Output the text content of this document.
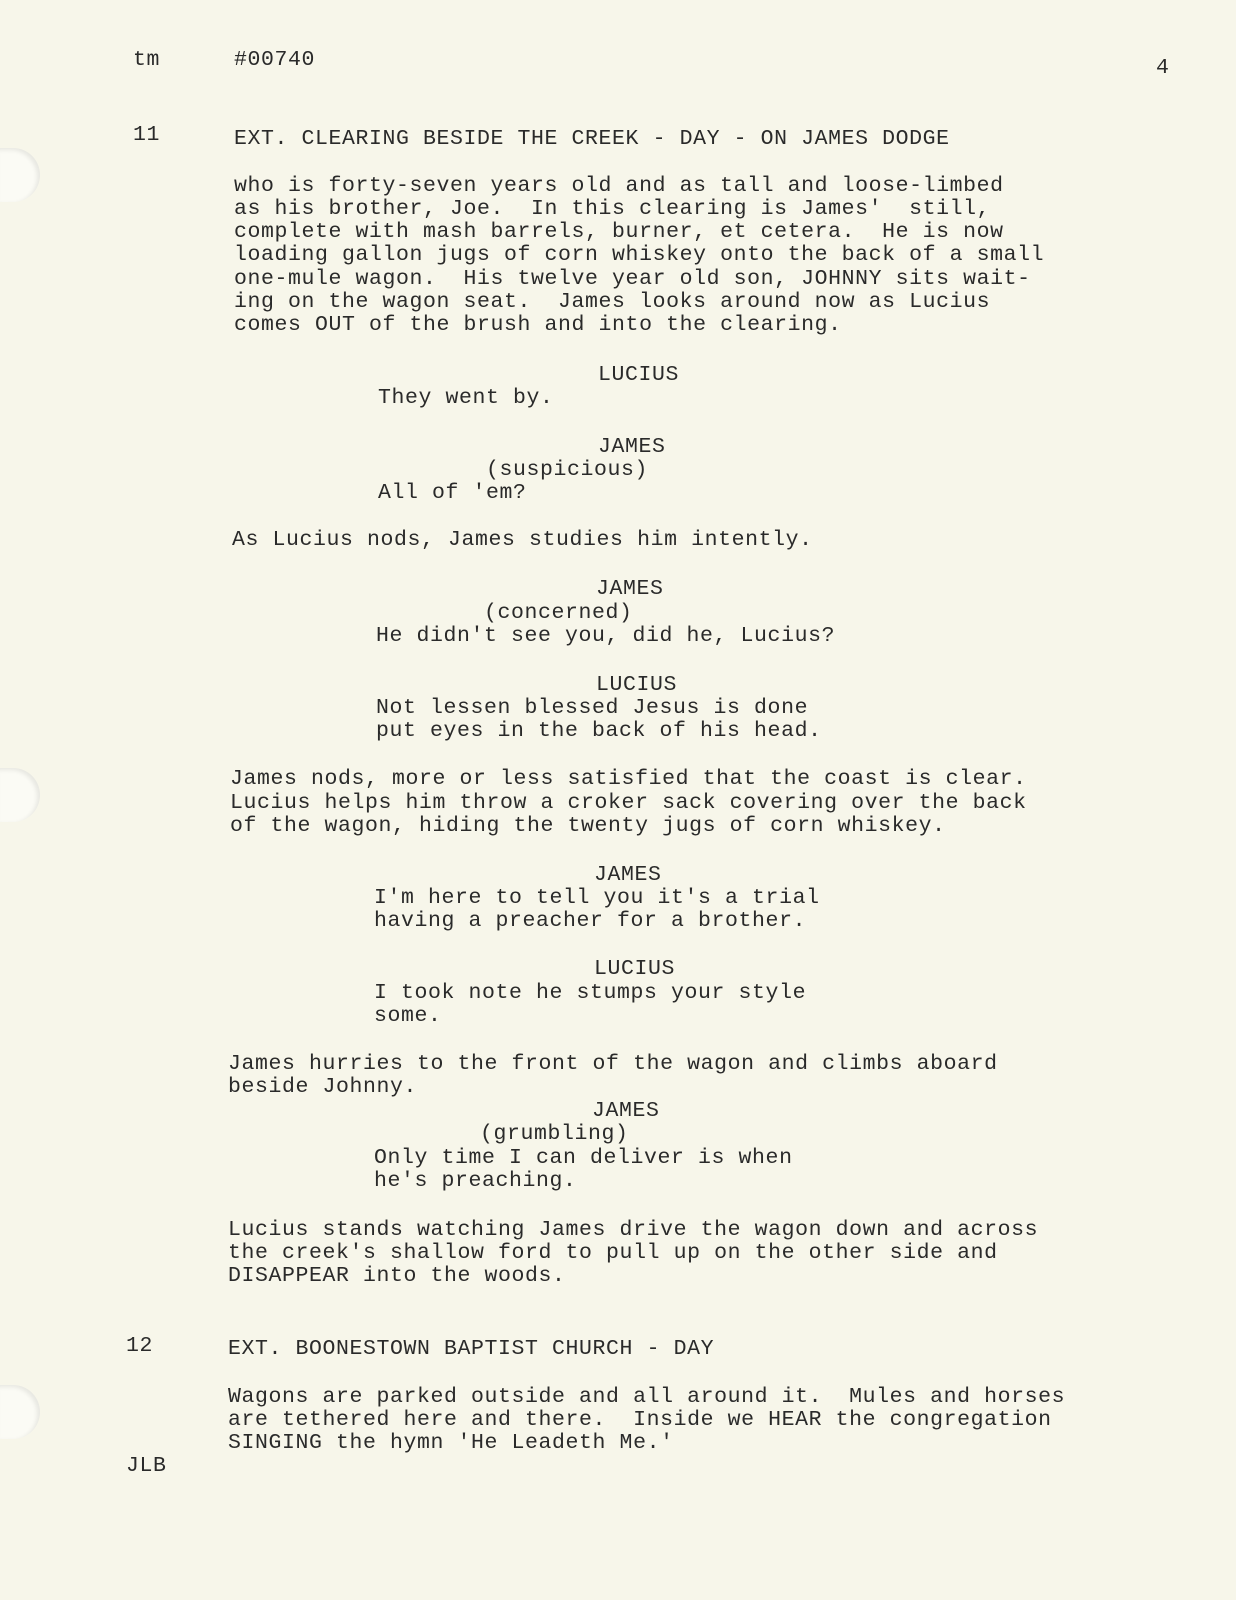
tm	#00740	4
11	EXT. CLEARING BESIDE THE CREEK - DAY - ON JAMES DODGE
who is forty-seven years old and as tall and loose-limbed
as his brother, Joe.  In this clearing is James'  still,
complete with mash barrels, burner, et cetera.  He is now
loading gallon jugs of corn whiskey onto the back of a small
one-mule wagon.  His twelve year old son, JOHNNY sits wait-
ing on the wagon seat.  James looks around now as Lucius
comes OUT of the brush and into the clearing.
LUCIUS
They went by.
JAMES
(suspicious)
All of 'em?
As Lucius nods, James studies him intently.
JAMES
(concerned)
He didn't see you, did he, Lucius?
LUCIUS
Not lessen blessed Jesus is done
put eyes in the back of his head.
James nods, more or less satisfied that the coast is clear.
Lucius helps him throw a croker sack covering over the back
of the wagon, hiding the twenty jugs of corn whiskey.
JAMES
I'm here to tell you it's a trial
having a preacher for a brother.
LUCIUS
I took note he stumps your style
some.
James hurries to the front of the wagon and climbs aboard
beside Johnny.
JAMES
(grumbling)
Only time I can deliver is when
he's preaching.
Lucius stands watching James drive the wagon down and across
the creek's shallow ford to pull up on the other side and
DISAPPEAR into the woods.
12	EXT. BOONESTOWN BAPTIST CHURCH - DAY
Wagons are parked outside and all around it.  Mules and horses
are tethered here and there.  Inside we HEAR the congregation
SINGING the hymn 'He Leadeth Me.'
JLB
